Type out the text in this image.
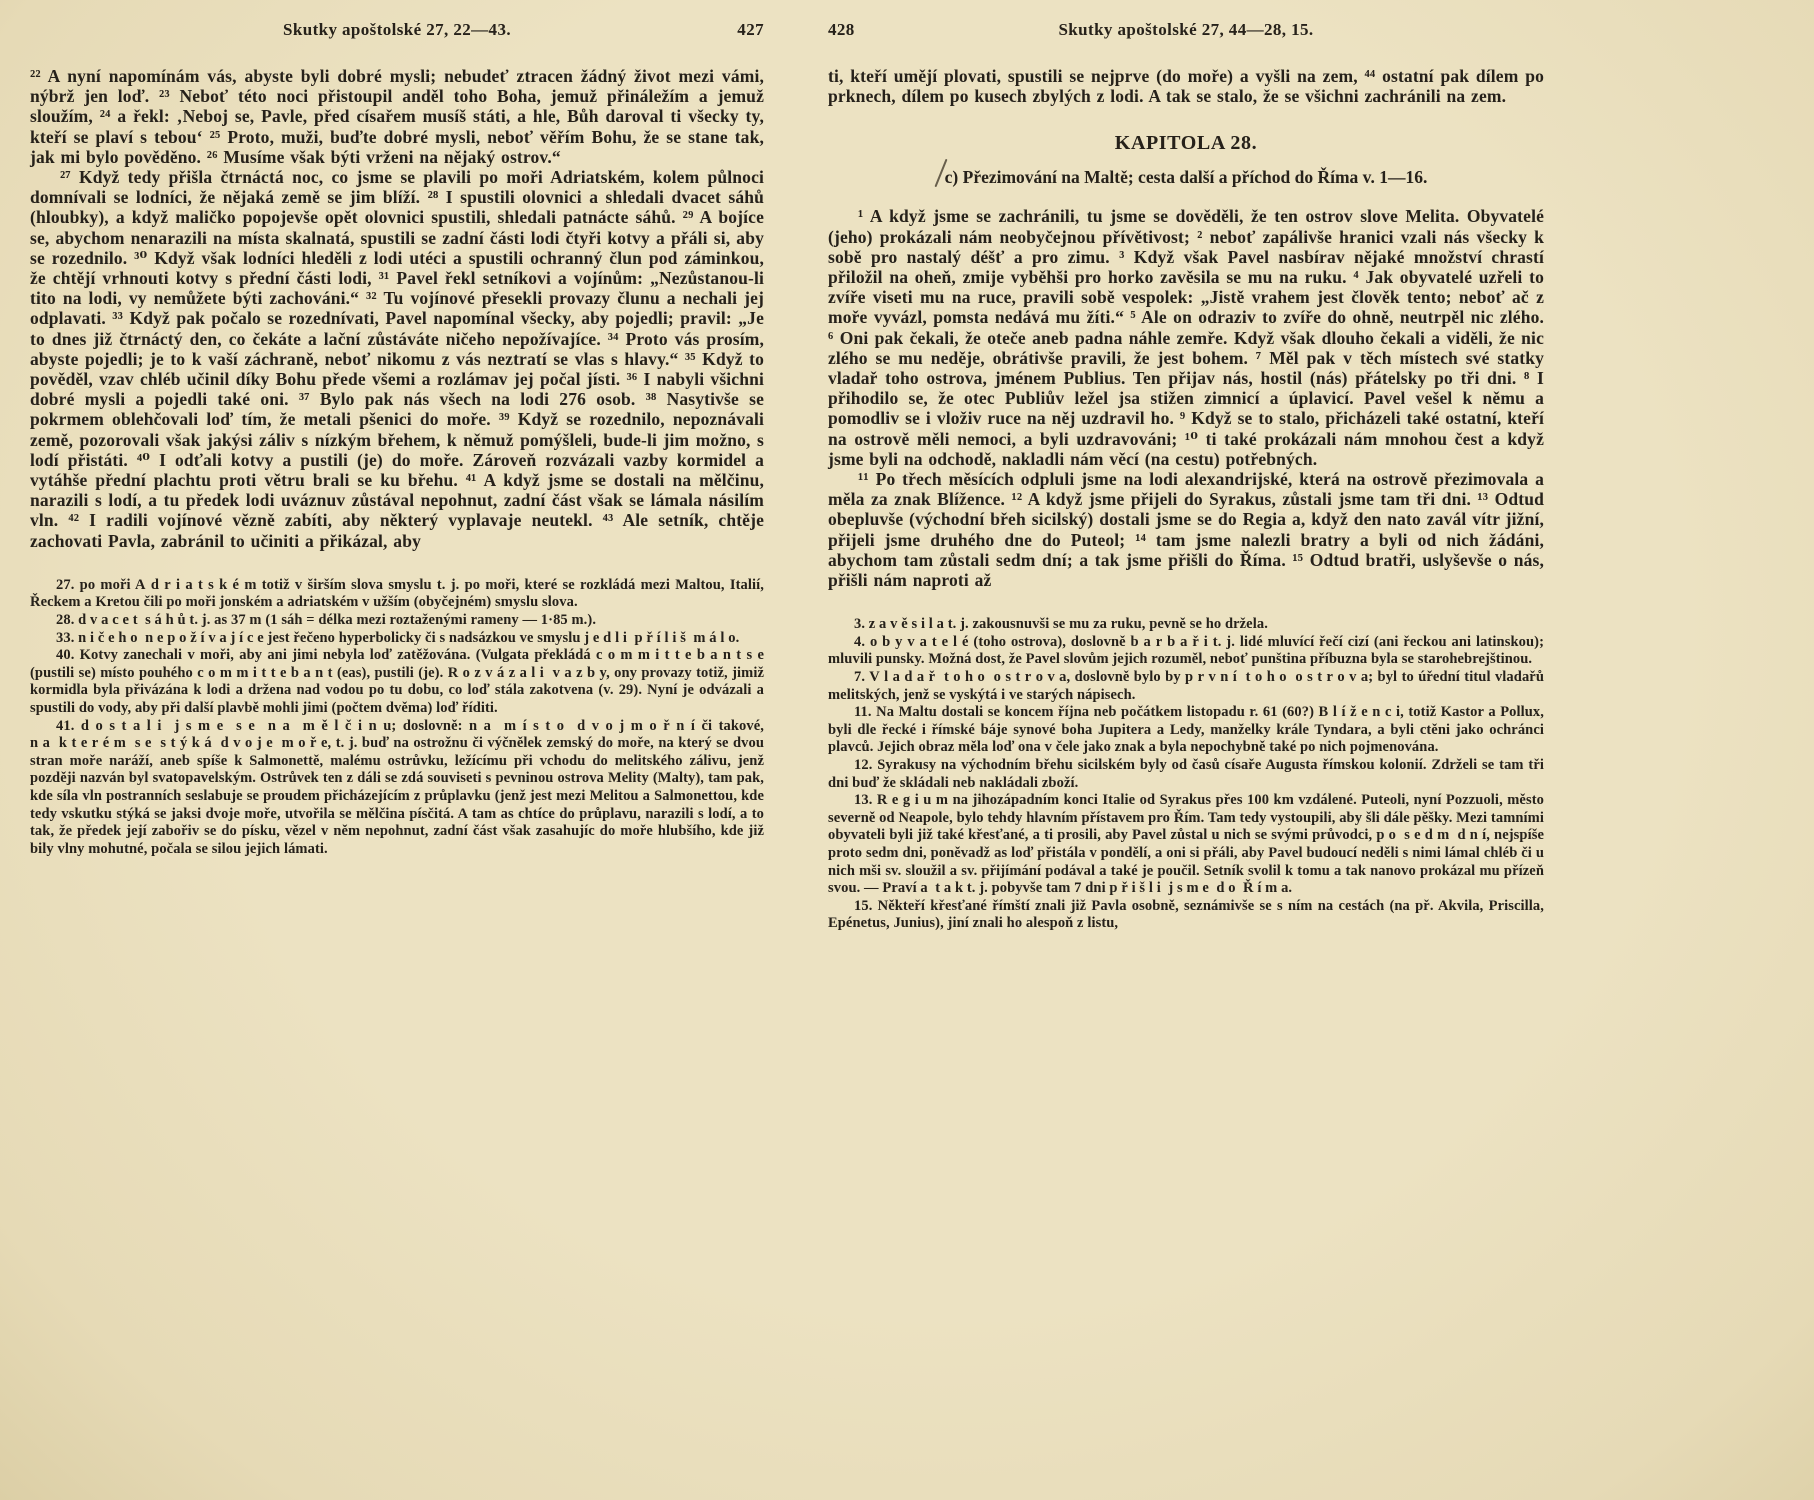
Skutky apoštolské 27, 22—43.	427

²² A nyní napomínám vás, abyste byli dobré mysli; nebudeť ztracen žádný život mezi vámi, nýbrž jen loď. ²³ Neboť této noci přistoupil anděl toho Boha, jemuž přináležím a jemuž sloužím, ²⁴ a řekl: ‚Neboj se, Pavle, před císařem musíš státi, a hle, Bůh daroval ti všecky ty, kteří se plaví s tebou‘ ²⁵ Proto, muži, buďte dobré mysli, neboť věřím Bohu, že se stane tak, jak mi bylo pověděno. ²⁶ Musíme však býti vrženi na nějaký ostrov.“

²⁷ Když tedy přišla čtrnáctá noc, co jsme se plavili po moři Adriatském, kolem půlnoci domnívali se lodníci, že nějaká země se jim blíží. ²⁸ I spustili olovnici a shledali dvacet sáhů (hloubky), a když maličko popojevše opět olovnici spustili, shledali patnácte sáhů. ²⁹ A bojíce se, abychom nenarazili na místa skalnatá, spustili se zadní části lodi čtyři kotvy a přáli si, aby se rozednilo. ³⁰ Když však lodníci hleděli z lodi utéci a spustili ochranný člun pod záminkou, že chtějí vrhnouti kotvy s přední části lodi, ³¹ Pavel řekl setníkovi a vojínům: „Nezůstanou-li tito na lodi, vy nemůžete býti zachováni.“ ³² Tu vojínové přesekli provazy člunu a nechali jej odplavati. ³³ Když pak počalo se rozednívati, Pavel napomínal všecky, aby pojedli; pravil: „Je to dnes již čtrnáctý den, co čekáte a lační zůstáváte ničeho nepožívajíce. ³⁴ Proto vás prosím, abyste pojedli; je to k vaší záchraně, neboť nikomu z vás neztratí se vlas s hlavy.“ ³⁵ Když to pověděl, vzav chléb učinil díky Bohu přede všemi a rozlámav jej počal jísti. ³⁶ I nabyli všichni dobré mysli a pojedli také oni. ³⁷ Bylo pak nás všech na lodi 276 osob. ³⁸ Nasytivše se pokrmem oblehčovali loď tím, že metali pšenici do moře. ³⁹ Když se rozednilo, nepoznávali země, pozorovali však jakýsi záliv s nízkým břehem, k němuž pomýšleli, bude-li jim možno, s lodí přistáti. ⁴⁰ I odťali kotvy a pustili (je) do moře. Zároveň rozvázali vazby kormidel a vytáhše přední plachtu proti větru brali se ku břehu. ⁴¹ A když jsme se dostali na mělčinu, narazili s lodí, a tu předek lodi uváznuv zůstával nepohnut, zadní část však se lámala násilím vln. ⁴² I radili vojínové vězně zabíti, aby některý vyplavaje neutekl. ⁴³ Ale setník, chtěje zachovati Pavla, zabránil to učiniti a přikázal, aby

27. po moři A d r i a t s k é m totiž v širším slova smyslu t. j. po moři, které se rozkládá mezi Maltou, Italií, Řeckem a Kretou čili po moři jonském a adriatském v užším (obyčejném) smyslu slova.

28. d v a c e t  s á h ů t. j. as 37 m (1 sáh = délka mezi roztaženými rameny — 1·85 m.).

33. n i č e h o  n e p o ž í v a j í c e jest řečeno hyperbolicky či s nadsázkou ve smyslu j e d l i  p ř í l i š  m á l o.

40. Kotvy zanechali v moři, aby ani jimi nebyla loď zatěžována. (Vulgata překládá c o m m i t t e b a n t s e (pustili se) místo pouhého c o m m i t t e b a n t (eas), pustili (je). R o z v á z a l i  v a z b y, ony provazy totiž, jimiž kormidla byla přivázána k lodi a držena nad vodou po tu dobu, co loď stála zakotvena (v. 29). Nyní je odvázali a spustili do vody, aby při další plavbě mohli jimi (počtem dvěma) loď říditi.

41. d o s t a l i  j s m e  s e  n a  m ě l č i n u; doslovně: n a  m í s t o  d v o j m o ř n í či takové, n a  k t e r é m  s e  s t ý k á  d v o j e  m o ř e, t. j. buď na ostrožnu či výčnělek zemský do moře, na který se dvou stran moře naráží, aneb spíše k Salmonettě, malému ostrůvku, ležícímu při vchodu do melitského zálivu, jenž později nazván byl svatopavelským. Ostrůvek ten z dáli se zdá souviseti s pevninou ostrova Melity (Malty), tam pak, kde síla vln postranních seslabuje se proudem přicházejícím z průplavku (jenž jest mezi Melitou a Salmonettou, kde tedy vskutku stýká se jaksi dvoje moře, utvořila se mělčina písčitá. A tam as chtíce do průplavu, narazili s lodí, a to tak, že předek její zabořiv se do písku, vězel v něm nepohnut, zadní část však zasahujíc do moře hlubšího, kde již bily vlny mohutné, počala se silou jejich lámati.

428	Skutky apoštolské 27, 44—28, 15.

ti, kteří umějí plovati, spustili se nejprve (do moře) a vyšli na zem, ⁴⁴ ostatní pak dílem po prknech, dílem po kusech zbylých z lodi. A tak se stalo, že se všichni zachránili na zem.

KAPITOLA 28.
c) Přezimování na Maltě; cesta další a příchod do Říma v. 1—16.

¹ A když jsme se zachránili, tu jsme se dověděli, že ten ostrov slove Melita. Obyvatelé (jeho) prokázali nám neobyčejnou přívětivost; ² neboť zapálivše hranici vzali nás všecky k sobě pro nastalý déšť a pro zimu. ³ Když však Pavel nasbírav nějaké množství chrastí přiložil na oheň, zmije vyběhši pro horko zavěsila se mu na ruku. ⁴ Jak obyvatelé uzřeli to zvíře viseti mu na ruce, pravili sobě vespolek: „Jistě vrahem jest člověk tento; neboť ač z moře vyvázl, pomsta nedává mu žíti.“ ⁵ Ale on odraziv to zvíře do ohně, neutrpěl nic zlého. ⁶ Oni pak čekali, že oteče aneb padna náhle zemře. Když však dlouho čekali a viděli, že nic zlého se mu neděje, obrátivše pravili, že jest bohem. ⁷ Měl pak v těch místech své statky vladař toho ostrova, jménem Publius. Ten přijav nás, hostil (nás) přátelsky po tři dni. ⁸ I přihodilo se, že otec Publiův ležel jsa stižen zimnicí a úplavicí. Pavel vešel k němu a pomodliv se i vloživ ruce na něj uzdravil ho. ⁹ Když se to stalo, přicházeli také ostatní, kteří na ostrově měli nemoci, a byli uzdravováni; ¹⁰ ti také prokázali nám mnohou čest a když jsme byli na odchodě, nakladli nám věcí (na cestu) potřebných.

¹¹ Po třech měsících odpluli jsme na lodi alexandrijské, která na ostrově přezimovala a měla za znak Blížence. ¹² A když jsme přijeli do Syrakus, zůstali jsme tam tři dni. ¹³ Odtud obepluvše (východní břeh sicilský) dostali jsme se do Regia a, když den nato zavál vítr jižní, přijeli jsme druhého dne do Puteol; ¹⁴ tam jsme nalezli bratry a byli od nich žádáni, abychom tam zůstali sedm dní; a tak jsme přišli do Říma. ¹⁵ Odtud bratři, uslyševše o nás, přišli nám naproti až

3. z a v ě s i l a t. j. zakousnuvši se mu za ruku, pevně se ho držela.

4. o b y v a t e l é (toho ostrova), doslovně b a r b a ř i t. j. lidé mluvící řečí cizí (ani řeckou ani latinskou); mluvili punsky. Možná dost, že Pavel slovům jejich rozuměl, neboť punština příbuzna byla se starohebrejštinou.

7. V l a d a ř  t o h o  o s t r o v a, doslovně bylo by p r v n í  t o h o  o s t r o v a; byl to úřední titul vladařů melitských, jenž se vyskýtá i ve starých nápisech.

11. Na Maltu dostali se koncem října neb počátkem listopadu r. 61 (60?) B l í ž e n c i, totiž Kastor a Pollux, byli dle řecké i římské báje synové boha Jupitera a Ledy, manželky krále Tyndara, a byli ctěni jako ochránci plavců. Jejich obraz měla loď ona v čele jako znak a byla nepochybně také po nich pojmenována.

12. Syrakusy na východním břehu sicilském byly od časů císaře Augusta římskou kolonií. Zdrželi se tam tři dni buď že skládali neb nakládali zboží.

13. R e g i u m na jihozápadním konci Italie od Syrakus přes 100 km vzdálené. Puteoli, nyní Pozzuoli, město severně od Neapole, bylo tehdy hlavním přístavem pro Řím. Tam tedy vystoupili, aby šli dále pěšky. Mezi tamními obyvateli byli již také křesťané, a ti prosili, aby Pavel zůstal u nich se svými průvodci, p o  s e d m  d n í, nejspíše proto sedm dni, poněvadž as loď přistála v pondělí, a oni si přáli, aby Pavel budoucí neděli s nimi lámal chléb či u nich mši sv. sloužil a sv. přijímání podával a také je poučil. Setník svolil k tomu a tak nanovo prokázal mu přízeň svou. — Praví a  t a k t. j. pobyvše tam 7 dni p ř i š l i  j s m e  d o  Ř í m a.

15. Někteří křesťané římští znali již Pavla osobně, seznámivše se s ním na cestách (na př. Akvila, Priscilla, Epénetus, Junius), jiní znali ho alespoň z listu,
